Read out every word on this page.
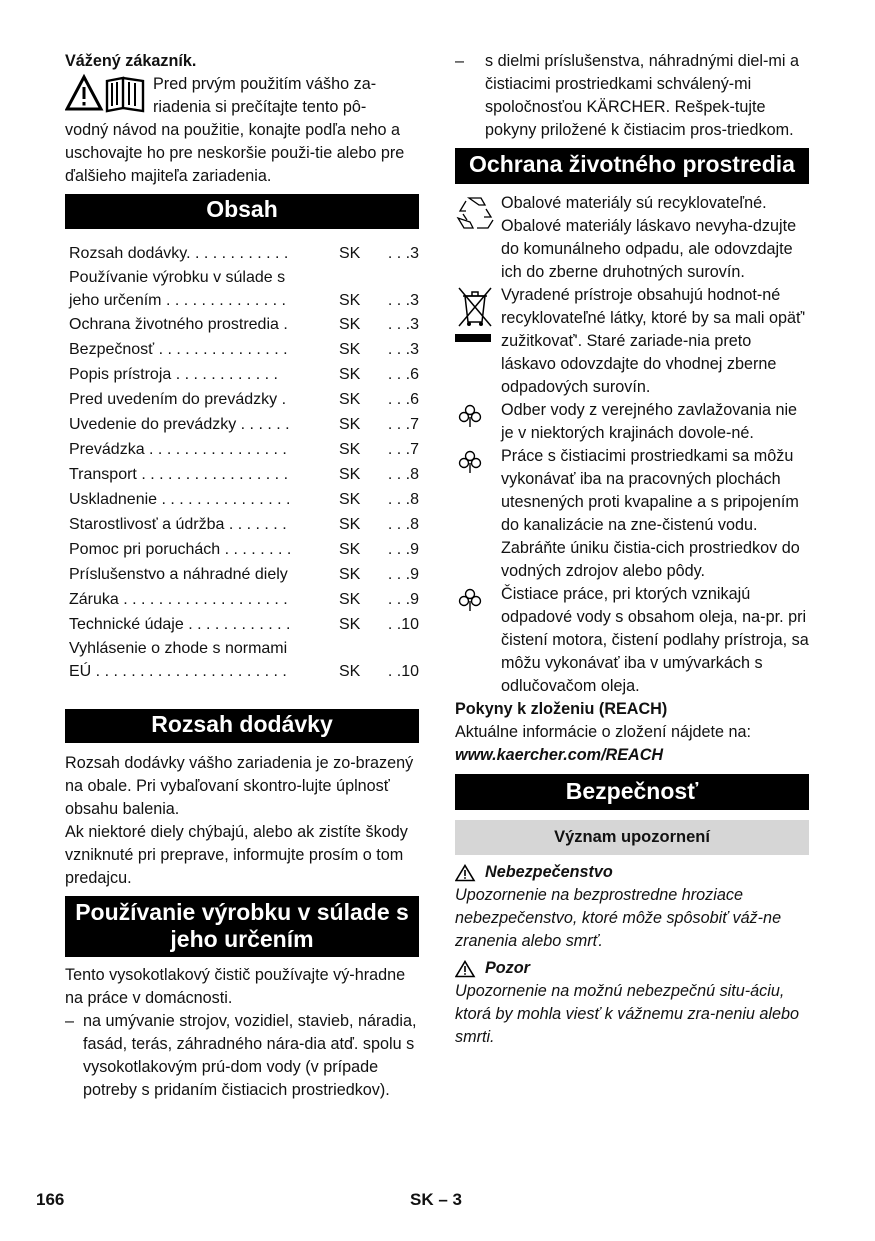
Vážený zákazník.

Pred prvým použitím vášho za-

riadenia si prečítajte tento pô-

vodný návod na použitie, konajte podľa neho a uschovajte ho pre neskoršie použi-tie alebo pre ďalšieho majiteľa zariadenia.

Obsah
Rozsah dodávky. . . . . . . . . . . .	SK	. . .3
Používanie výrobku v súlade s
jeho určením . . . . . . . . . . . . . .	SK	. . .3
Ochrana životného prostredia .	SK	. . .3
Bezpečnosť . . . . . . . . . . . . . . .	SK	. . .3
Popis prístroja . . . . . . . . . . . .	SK	. . .6
Pred uvedením do prevádzky .	SK	. . .6
Uvedenie do prevádzky . . . . . .	SK	. . .7
Prevádzka . . . . . . . . . . . . . . . .	SK	. . .7
Transport . . . . . . . . . . . . . . . . .	SK	. . .8
Uskladnenie . . . . . . . . . . . . . . .	SK	. . .8
Starostlivosť a údržba . . . . . . .	SK	. . .8
Pomoc pri poruchách . . . . . . . .	SK	. . .9
Príslušenstvo a náhradné diely	SK	. . .9
Záruka . . . . . . . . . . . . . . . . . . .	SK	. . .9
Technické údaje . . . . . . . . . . . .	SK	. .10
Vyhlásenie o zhode s normami
EÚ . . . . . . . . . . . . . . . . . . . . . .	SK	. .10
Rozsah dodávky

Rozsah dodávky vášho zariadenia je zo-brazený na obale. Pri vybaľovaní skontro-lujte úplnosť obsahu balenia.

Ak niektoré diely chýbajú, alebo ak zistíte škody vzniknuté pri preprave, informujte prosím o tom predajcu.

Používanie výrobku v súlade s jeho určením

Tento vysokotlakový čistič používajte vý-hradne na práce v domácnosti.

– na umývanie strojov, vozidiel, stavieb, náradia, fasád, terás, záhradného nára-dia atď. spolu s vysokotlakovým prú-dom vody (v prípade potreby s pridaním čistiacich prostriedkov).
–	s dielmi príslušenstva, náhradnými diel-mi a čistiacimi prostriedkami schválený-mi spoločnosťou KÄRCHER. Rešpek-tujte pokyny priložené k čistiacim pros-triedkom.
Ochrana životného prostredia
Obalové materiály sú recyklovateľné. Obalové materiály láskavo nevyha-dzujte do komunálneho odpadu, ale odovzdajte ich do zberne druhotných surovín.
Vyradené prístroje obsahujú hodnot-né recyklovateľné látky, ktoré by sa mali opäť' zužitkovať'. Staré zariade-nia preto láskavo odovzdajte do vhodnej zberne odpadových surovín.
Odber vody z verejného zavlažovania nie je v niektorých krajinách dovole-né.
Práce s čistiacimi prostriedkami sa môžu vykonávať iba na pracovných plochách utesnených proti kvapaline a s pripojením do kanalizácie na zne-čistenú vodu. Zabráňte úniku čistia-cich prostriedkov do vodných zdrojov alebo pôdy.
Čistiace práce, pri ktorých vznikajú odpadové vody s obsahom oleja, na-pr. pri čistení motora, čistení podlahy prístroja, sa môžu vykonávať iba v umývarkách s odlučovačom oleja.

Pokyny k zloženiu (REACH)

Aktuálne informácie o zložení nájdete na:

www.kaercher.com/REACH

Bezpečnosť
Význam upozornení
Nebezpečenstvo

Upozornenie na bezprostredne hroziace nebezpečenstvo, ktoré môže spôsobiť váž-ne zranenia alebo smrť.

Pozor

Upozornenie na možnú nebezpečnú situ-áciu, ktorá by mohla viesť k vážnemu zra-neniu alebo smrti.

166	SK – 3
